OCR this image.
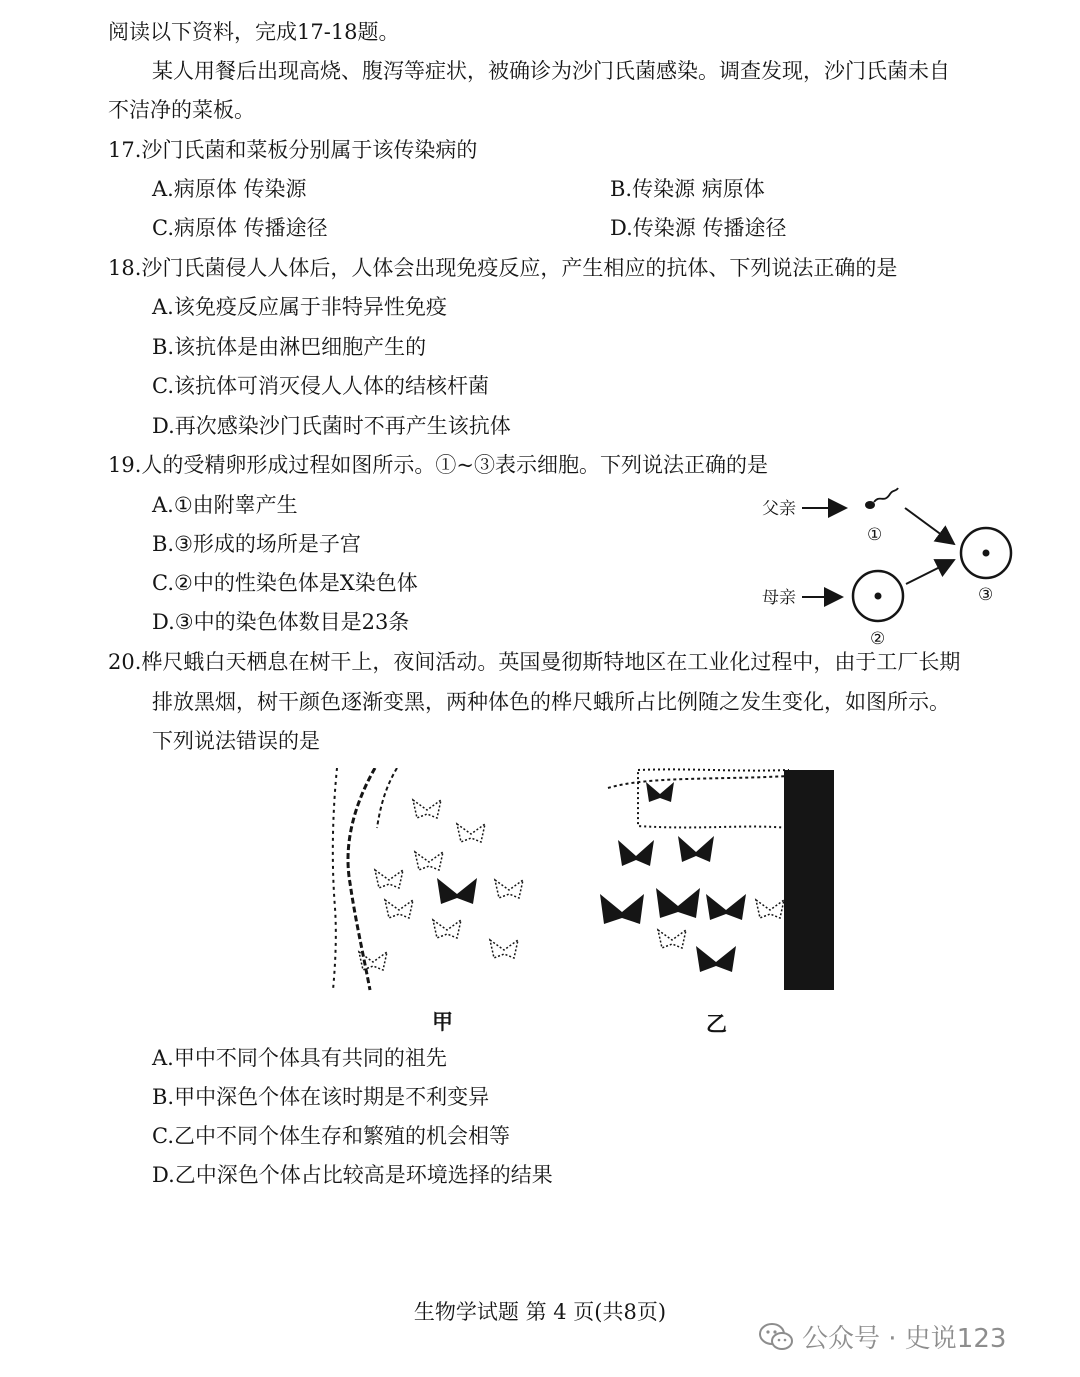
阅读以下资料，完成17-18题。
某人用餐后出现高烧、腹泻等症状，被确诊为沙门氏菌感染。调查发现，沙门氏菌未自
不洁净的菜板。
17.沙门氏菌和菜板分别属于该传染病的
A.病原体 传染源	B.传染源 病原体
C.病原体 传播途径	D.传染源 传播途径
18.沙门氏菌侵人人体后，人体会出现免疫反应，产生相应的抗体、下列说法正确的是
A.该免疫反应属于非特异性免疫
B.该抗体是由淋巴细胞产生的
C.该抗体可消灭侵人人体的结核杆菌
D.再次感染沙门氏菌时不再产生该抗体
19.人的受精卵形成过程如图所示。①~③表示细胞。下列说法正确的是
A.①由附睾产生
B.③形成的场所是子宫
C.②中的性染色体是X染色体
D.③中的染色体数目是23条
父亲
①
母亲
②
③
20.桦尺蛾白天栖息在树干上，夜间活动。英国曼彻斯特地区在工业化过程中，由于工厂长期
排放黑烟，树干颜色逐渐变黑，两种体色的桦尺蛾所占比例随之发生变化，如图所示。
下列说法错误的是
甲	乙
A.甲中不同个体具有共同的祖先
B.甲中深色个体在该时期是不利变异
C.乙中不同个体生存和繁殖的机会相等
D.乙中深色个体占比较高是环境选择的结果
生物学试题 第 4 页(共8页)
公众号 · 史说123
